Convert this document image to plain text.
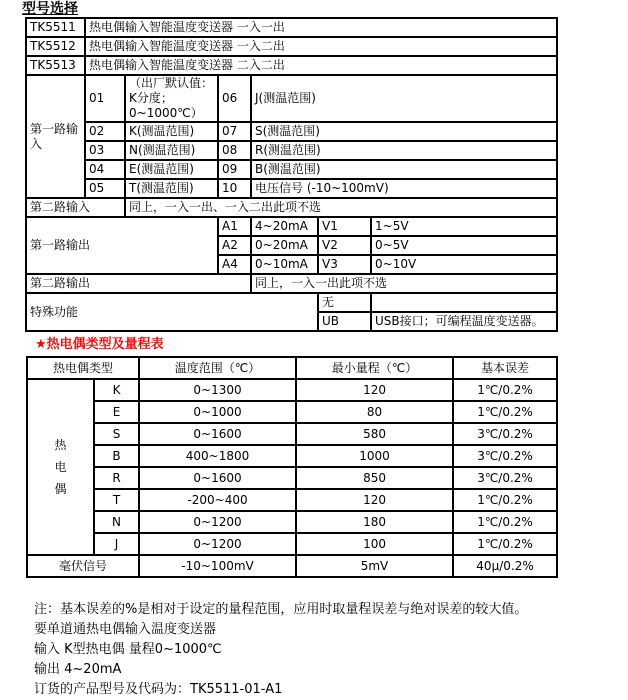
型号选择
TK5511	热电偶输入智能温度变送器 一入一出					
TK5512	热电偶输入智能温度变送器 一入二出					
TK5513	热电偶输入智能温度变送器 二入二出					
第一路输入	01	（出厂默认值：K分度；0~1000℃）	06	J(测温范围)		
	02	K(测温范围)	07	S(测温范围)		
	03	N(测温范围)	08	R(测温范围)		
	04	E(测温范围)	09	B(测温范围)		
	05	T(测温范围)	10	电压信号 (-10~100mV)		
第二路输入		同上，一入一出、一入二出此项不选				
第一路输出			A1	4~20mA	V1	1~5V
			A2	0~20mA	V2	0~5V
			A4	0~10mA	V3	0~10V
第二路输出				同上，一入一出此项不选		
特殊功能					无	
					UB	USB接口；可编程温度变送器。
★热电偶类型及量程表
热电偶类型		温度范围（℃）	最小量程（℃）	基本误差

热电偶	K	0~1300	120	1℃/0.2%
	E	0~1000	80	1℃/0.2%
	S	0~1600	580	3℃/0.2%
	B	400~1800	1000	3℃/0.2%
	R	0~1600	850	3℃/0.2%
	T	-200~400	120	1℃/0.2%
	N	0~1200	180	1℃/0.2%
	J	0~1200	100	1℃/0.2%
毫伏信号		-10~100mV	5mV	40μ/0.2%
注：基本误差的%是相对于设定的量程范围，应用时取量程误差与绝对误差的较大值。
要单道通热电偶输入温度变送器
输入 K型热电偶 量程0~1000℃
输出 4~20mA
订货的产品型号及代码为：TK5511-01-A1
